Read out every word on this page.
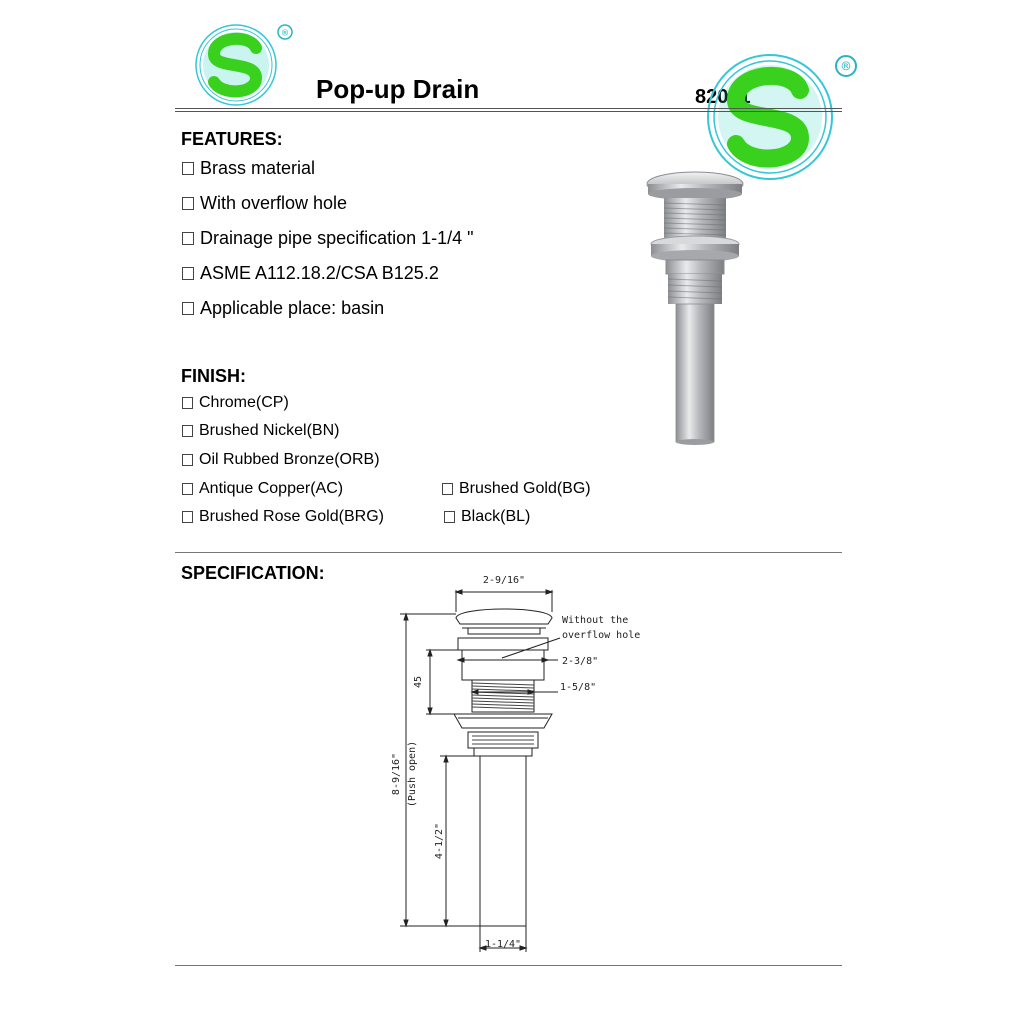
®
Pop-up Drain	82001
®
FEATURES:
Brass material
With overflow hole
Drainage pipe specification 1-1/4 "
ASME A112.18.2/CSA B125.2
Applicable place: basin
FINISH:
Chrome(CP)
Brushed Nickel(BN)
Oil Rubbed Bronze(ORB)
Antique Copper(AC)	Brushed Gold(BG)
Brushed Rose Gold(BRG)	Black(BL)
SPECIFICATION:	2-9/16"
Without the
overflow hole
2-3/8"
1-5/8"
45
8-9/16" (Push open)
4-1/2"
1-1/4"
